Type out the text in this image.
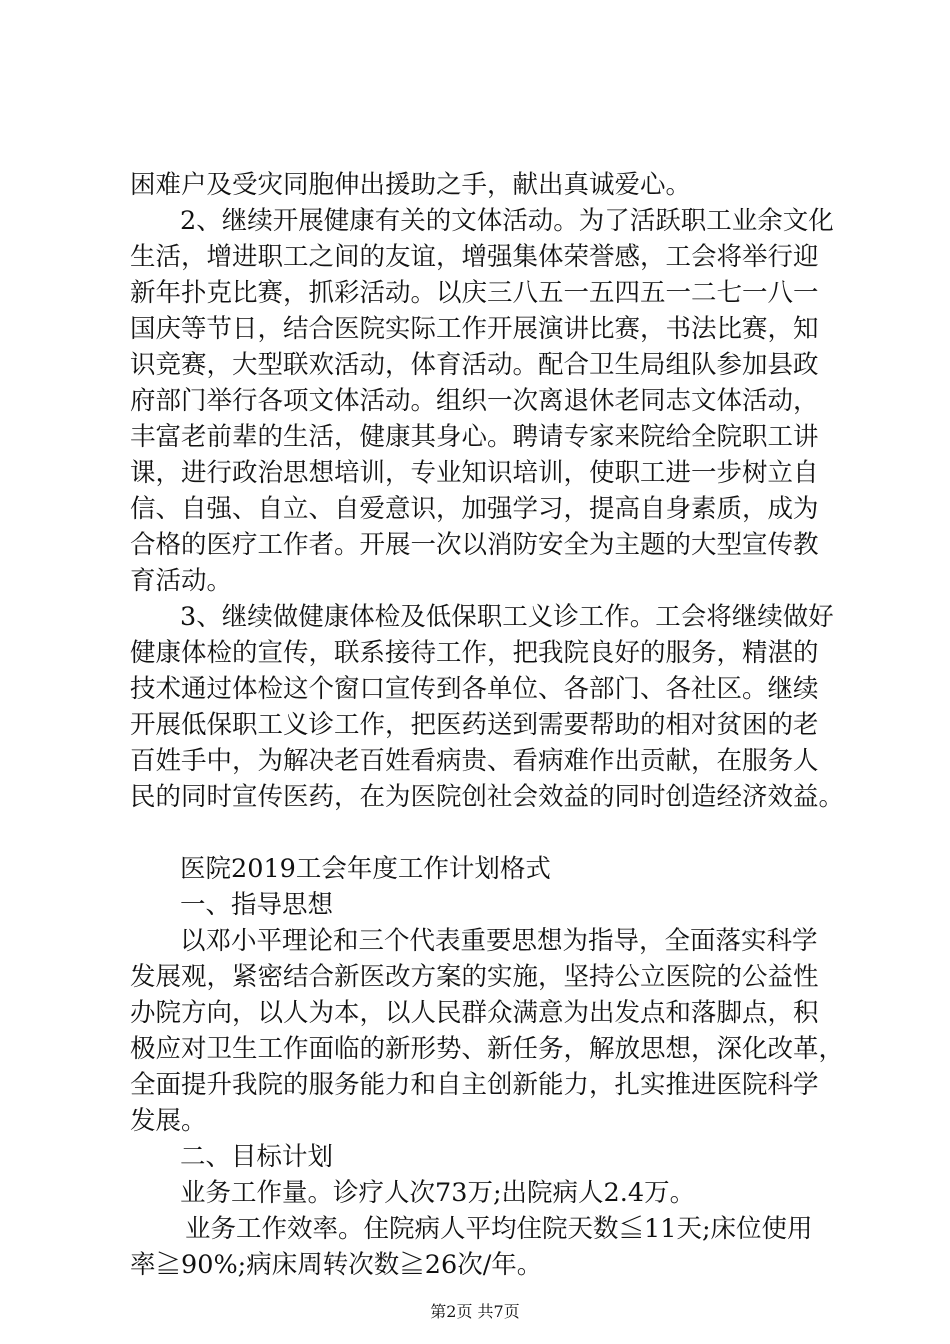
困难户及受灾同胞伸出援助之手，献出真诚爱心。

2、继续开展健康有关的文体活动。为了活跃职工业余文化

生活，增进职工之间的友谊，增强集体荣誉感，工会将举行迎

新年扑克比赛，抓彩活动。以庆三八五一五四五一二七一八一

国庆等节日，结合医院实际工作开展演讲比赛，书法比赛，知

识竞赛，大型联欢活动，体育活动。配合卫生局组队参加县政

府部门举行各项文体活动。组织一次离退休老同志文体活动，

丰富老前辈的生活，健康其身心。聘请专家来院给全院职工讲

课，进行政治思想培训，专业知识培训，使职工进一步树立自

信、自强、自立、自爱意识，加强学习，提高自身素质，成为

合格的医疗工作者。开展一次以消防安全为主题的大型宣传教

育活动。

3、继续做健康体检及低保职工义诊工作。工会将继续做好

健康体检的宣传，联系接待工作，把我院良好的服务，精湛的

技术通过体检这个窗口宣传到各单位、各部门、各社区。继续

开展低保职工义诊工作，把医药送到需要帮助的相对贫困的老

百姓手中，为解决老百姓看病贵、看病难作出贡献，在服务人

民的同时宣传医药，在为医院创社会效益的同时创造经济效益。

医院2019工会年度工作计划格式

一、指导思想

以邓小平理论和三个代表重要思想为指导，全面落实科学

发展观，紧密结合新医改方案的实施，坚持公立医院的公益性

办院方向，以人为本，以人民群众满意为出发点和落脚点，积

极应对卫生工作面临的新形势、新任务，解放思想，深化改革，

全面提升我院的服务能力和自主创新能力，扎实推进医院科学

发展。

二、目标计划

业务工作量。诊疗人次73万;出院病人2.4万。

业务工作效率。住院病人平均住院天数≦11天;床位使用

率≧90%;病床周转次数≧26次/年。

第2页 共7页
